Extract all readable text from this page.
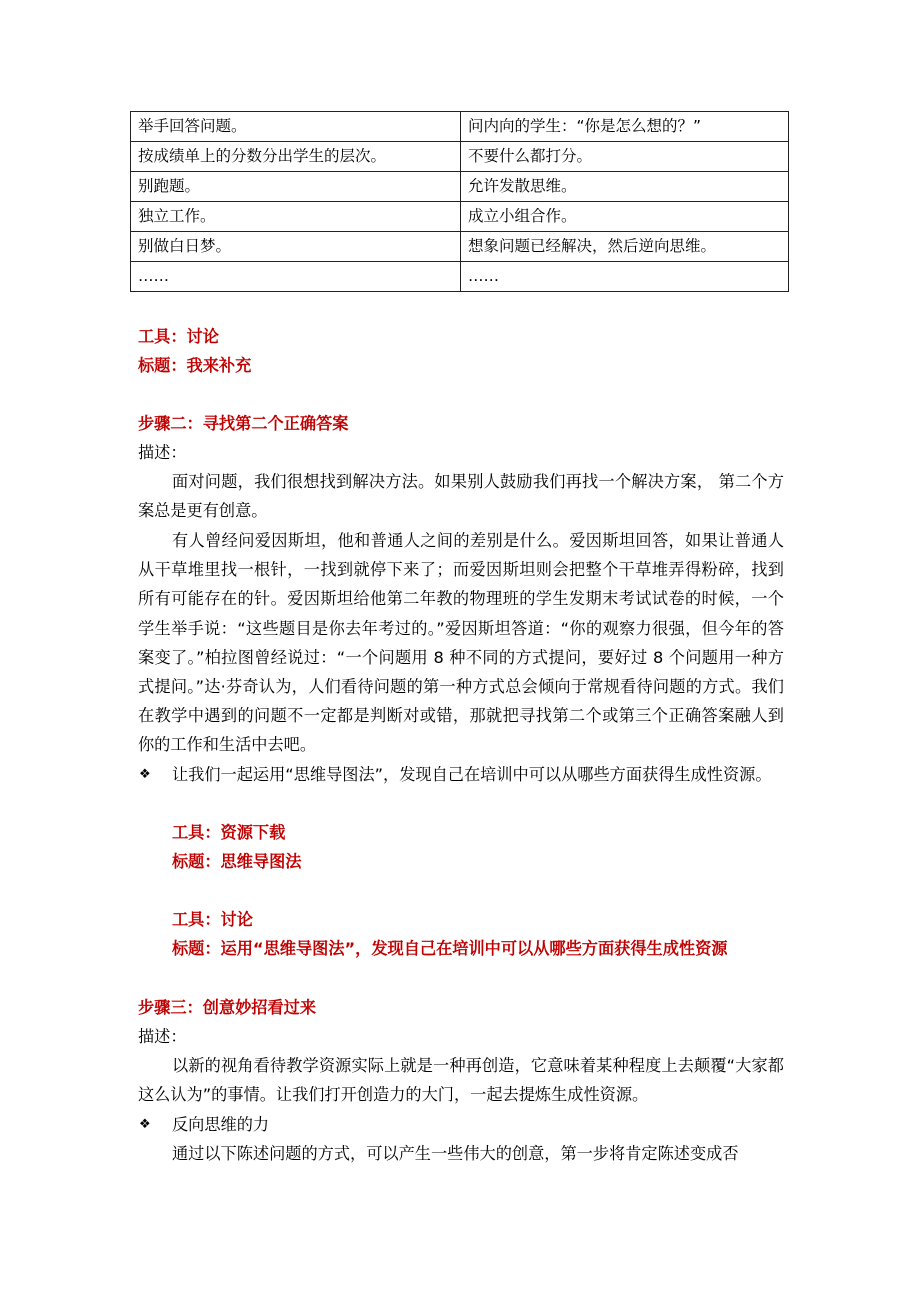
举手回答问题。	问内向的学生：“你是怎么想的？”
按成绩单上的分数分出学生的层次。	不要什么都打分。
别跑题。	允许发散思维。
独立工作。	成立小组合作。
别做白日梦。	想象问题已经解决，然后逆向思维。
……	……
工具：讨论
标题：我来补充
步骤二：寻找第二个正确答案
描述：

面对问题，我们很想找到解决方法。如果别人鼓励我们再找一个解决方案， 第二个方案总是更有创意。

有人曾经问爱因斯坦，他和普通人之间的差别是什么。爱因斯坦回答，如果让普通人从干草堆里找一根针，一找到就停下来了；而爱因斯坦则会把整个干草堆弄得粉碎，找到所有可能存在的针。爱因斯坦给他第二年教的物理班的学生发期末考试试卷的时候，一个学生举手说：“这些题目是你去年考过的。”爱因斯坦答道：“你的观察力很强，但今年的答案变了。”柏拉图曾经说过：“一个问题用 8 种不同的方式提问，要好过 8 个问题用一种方式提问。”达·芬奇认为，人们看待问题的第一种方式总会倾向于常规看待问题的方式。我们在教学中遇到的问题不一定都是判断对或错，那就把寻找第二个或第三个正确答案融人到你的工作和生活中去吧。

❖ 让我们一起运用“思维导图法”，发现自己在培训中可以从哪些方面获得生成性资源。

工具：资源下载
标题：思维导图法
工具：讨论
标题：运用“思维导图法”，发现自己在培训中可以从哪些方面获得生成性资源
步骤三：创意妙招看过来
描述：

以新的视角看待教学资源实际上就是一种再创造，它意味着某种程度上去颠覆“大家都这么认为”的事情。让我们打开创造力的大门，一起去提炼生成性资源。

❖ 反向思维的力

通过以下陈述问题的方式，可以产生一些伟大的创意，第一步将肯定陈述变成否
